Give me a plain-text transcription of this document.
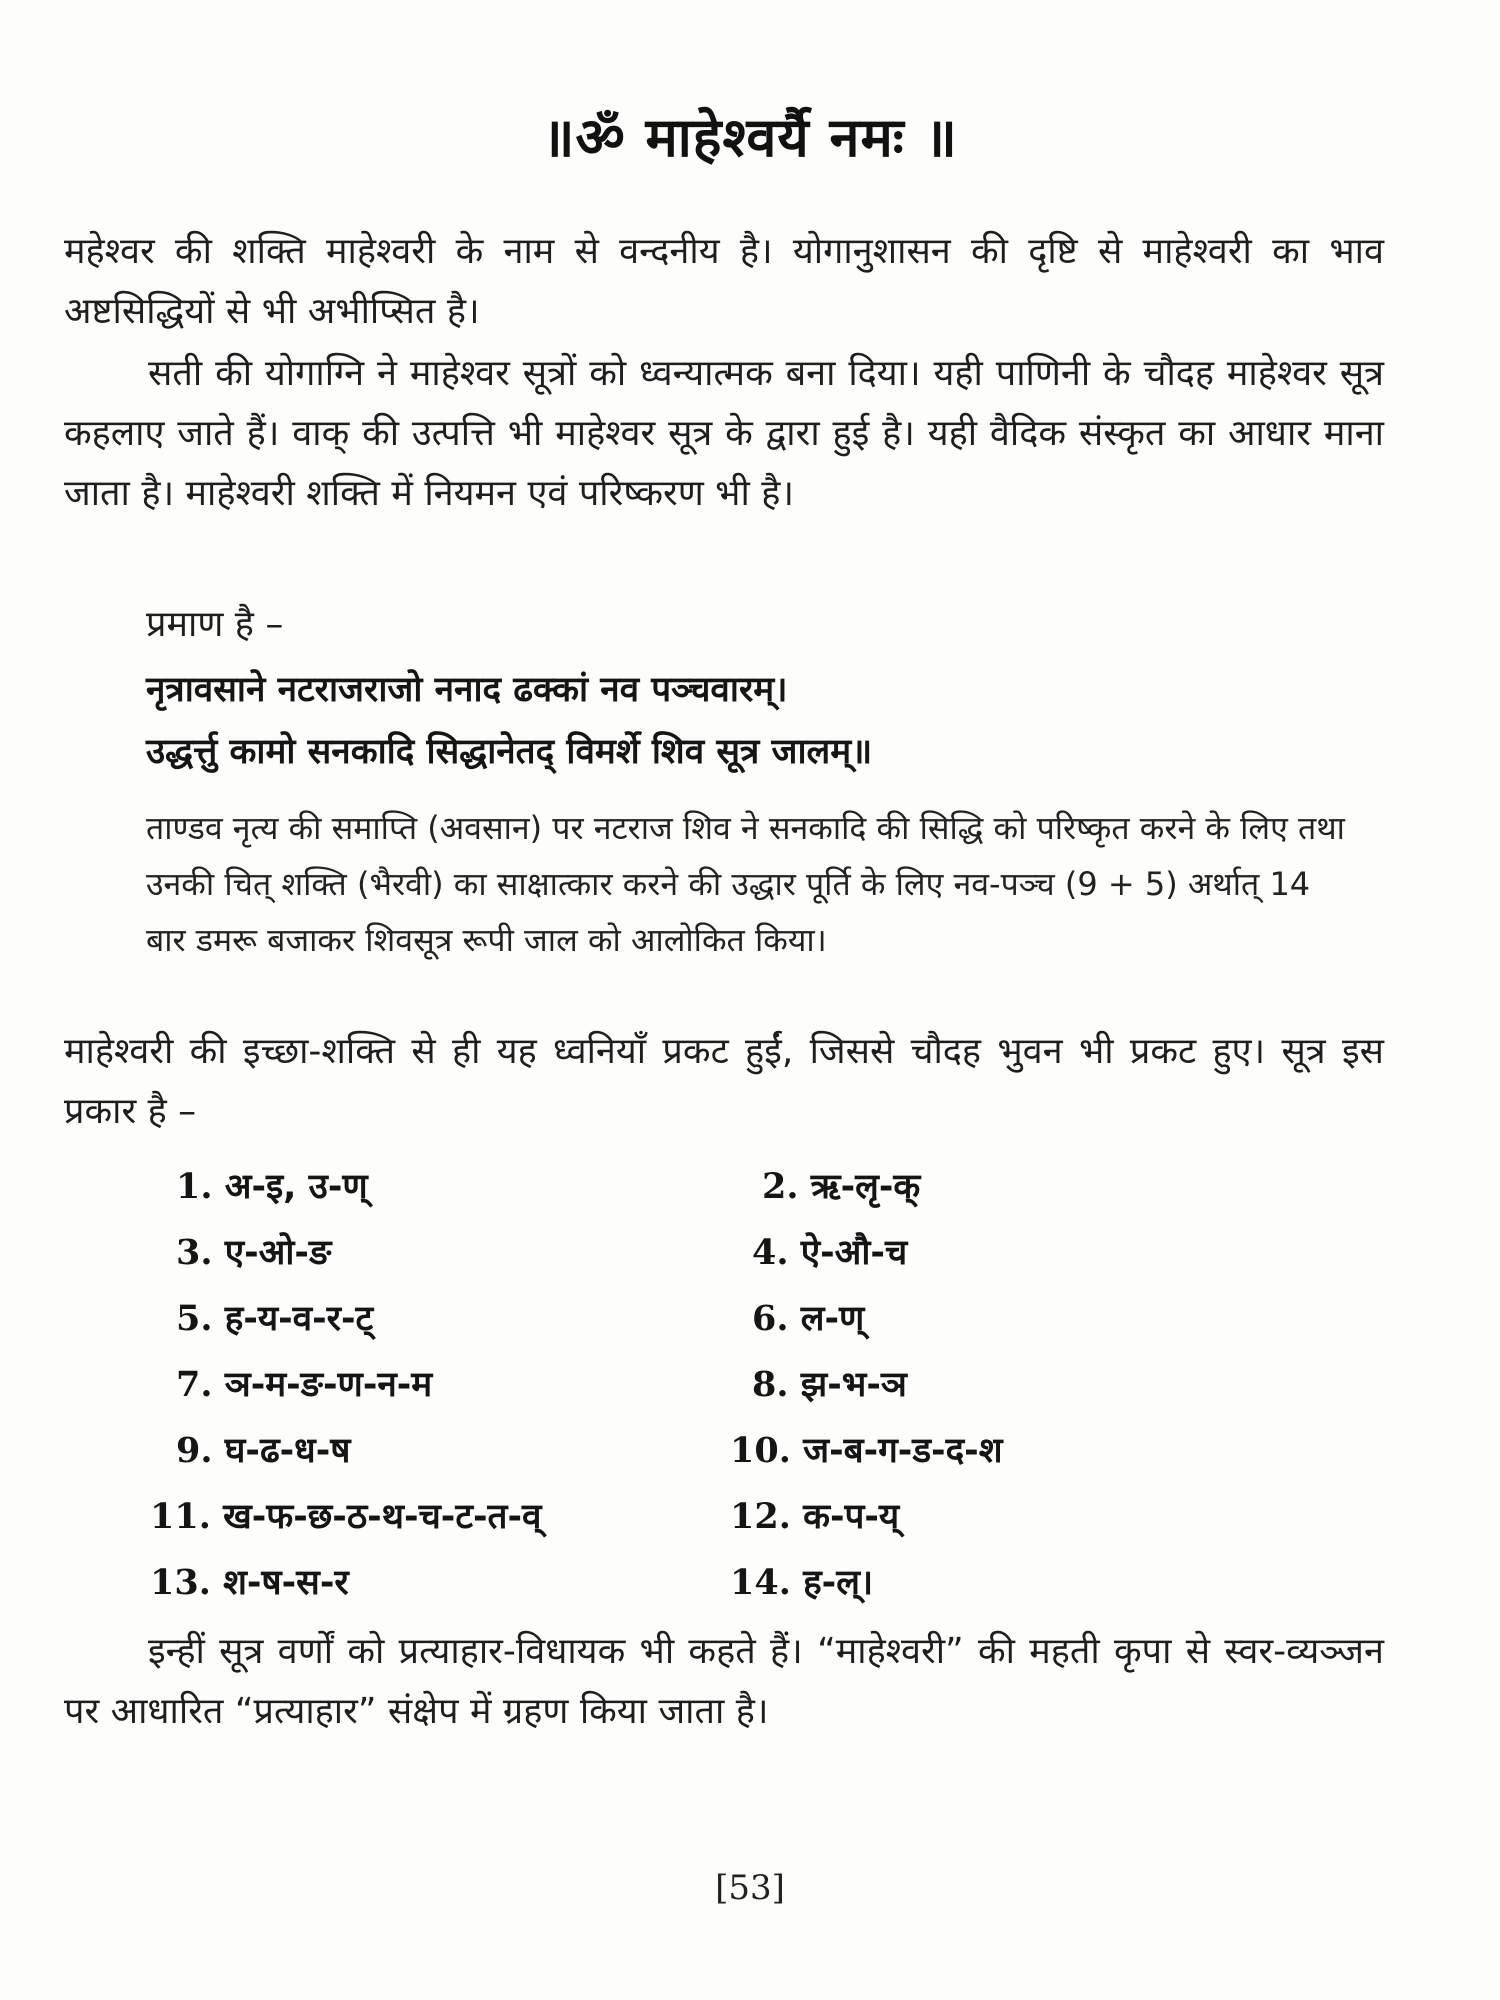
॥ॐ माहेश्वर्यै नमः ॥
महेश्वर की शक्ति माहेश्वरी के नाम से वन्दनीय है। योगानुशासन की दृष्टि से माहेश्वरी का भाव अष्टसिद्धियों से भी अभीप्सित है।
सती की योगाग्नि ने माहेश्वर सूत्रों को ध्वन्यात्मक बना दिया। यही पाणिनी के चौदह माहेश्वर सूत्र कहलाए जाते हैं। वाक् की उत्पत्ति भी माहेश्वर सूत्र के द्वारा हुई है। यही वैदिक संस्कृत का आधार माना जाता है। माहेश्वरी शक्ति में नियमन एवं परिष्करण भी है।
प्रमाण है –
नृत्रावसाने नटराजराजो ननाद ढक्कां नव पञ्चवारम्।
उद्धर्त्तु कामो सनकादि सिद्धानेतद् विमर्शे शिव सूत्र जालम्॥
ताण्डव नृत्य की समाप्ति (अवसान) पर नटराज शिव ने सनकादि की सिद्धि को परिष्कृत करने के लिए तथा उनकी चित् शक्ति (भैरवी) का साक्षात्कार करने की उद्धार पूर्ति के लिए नव-पञ्च (9 + 5) अर्थात् 14 बार डमरू बजाकर शिवसूत्र रूपी जाल को आलोकित किया।
माहेश्वरी की इच्छा-शक्ति से ही यह ध्वनियाँ प्रकट हुईं, जिससे चौदह भुवन भी प्रकट हुए। सूत्र इस प्रकार है –
1. अ-इ, उ-ण्
3. ए-ओ-ङ
5. ह-य-व-र-ट्
7. ञ-म-ङ-ण-न-म
9. घ-ढ-ध-ष
11. ख-फ-छ-ठ-थ-च-ट-त-व्
13. श-ष-स-र
2. ऋ-लृ-क्
4. ऐ-औ-च
6. ल-ण्
8. झ-भ-ञ
10. ज-ब-ग-ड-द-श
12. क-प-य्
14. ह-ल्।
इन्हीं सूत्र वर्णों को प्रत्याहार-विधायक भी कहते हैं। “माहेश्वरी” की महती कृपा से स्वर-व्यञ्जन पर आधारित “प्रत्याहार” संक्षेप में ग्रहण किया जाता है।
[53]
